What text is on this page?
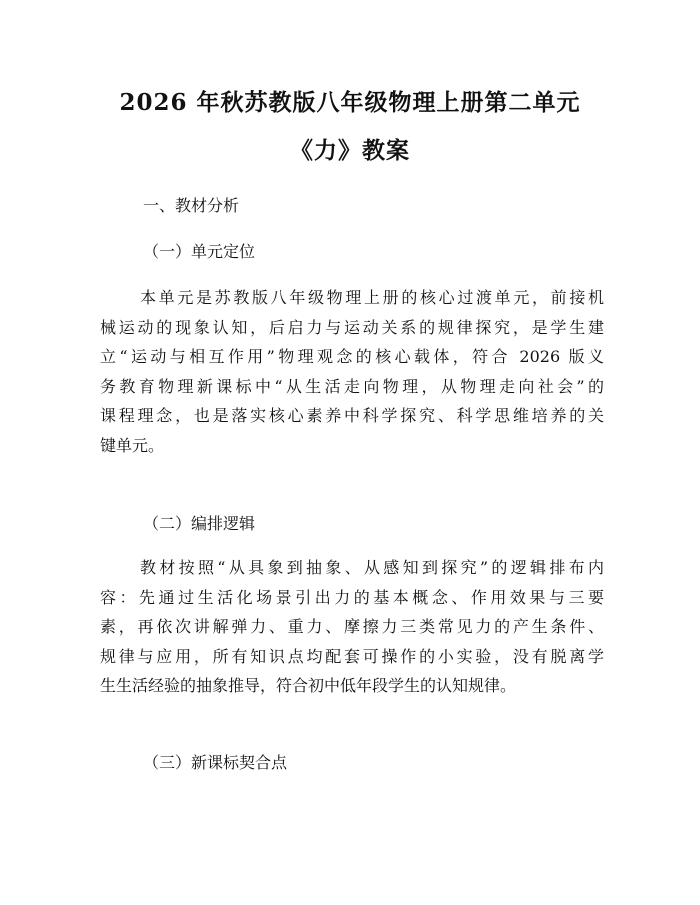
2026 年秋苏教版八年级物理上册第二单元
《力》教案

一、教材分析

（一）单元定位

本单元是苏教版八年级物理上册的核心过渡单元，前接机
械运动的现象认知，后启力与运动关系的规律探究，是学生建
立“运动与相互作用”物理观念的核心载体，符合 2026 版义
务教育物理新课标中“从生活走向物理，从物理走向社会”的
课程理念，也是落实核心素养中科学探究、科学思维培养的关
键单元。

（二）编排逻辑

教材按照“从具象到抽象、从感知到探究”的逻辑排布内
容：先通过生活化场景引出力的基本概念、作用效果与三要
素，再依次讲解弹力、重力、摩擦力三类常见力的产生条件、
规律与应用，所有知识点均配套可操作的小实验，没有脱离学
生生活经验的抽象推导，符合初中低年段学生的认知规律。

（三）新课标契合点
